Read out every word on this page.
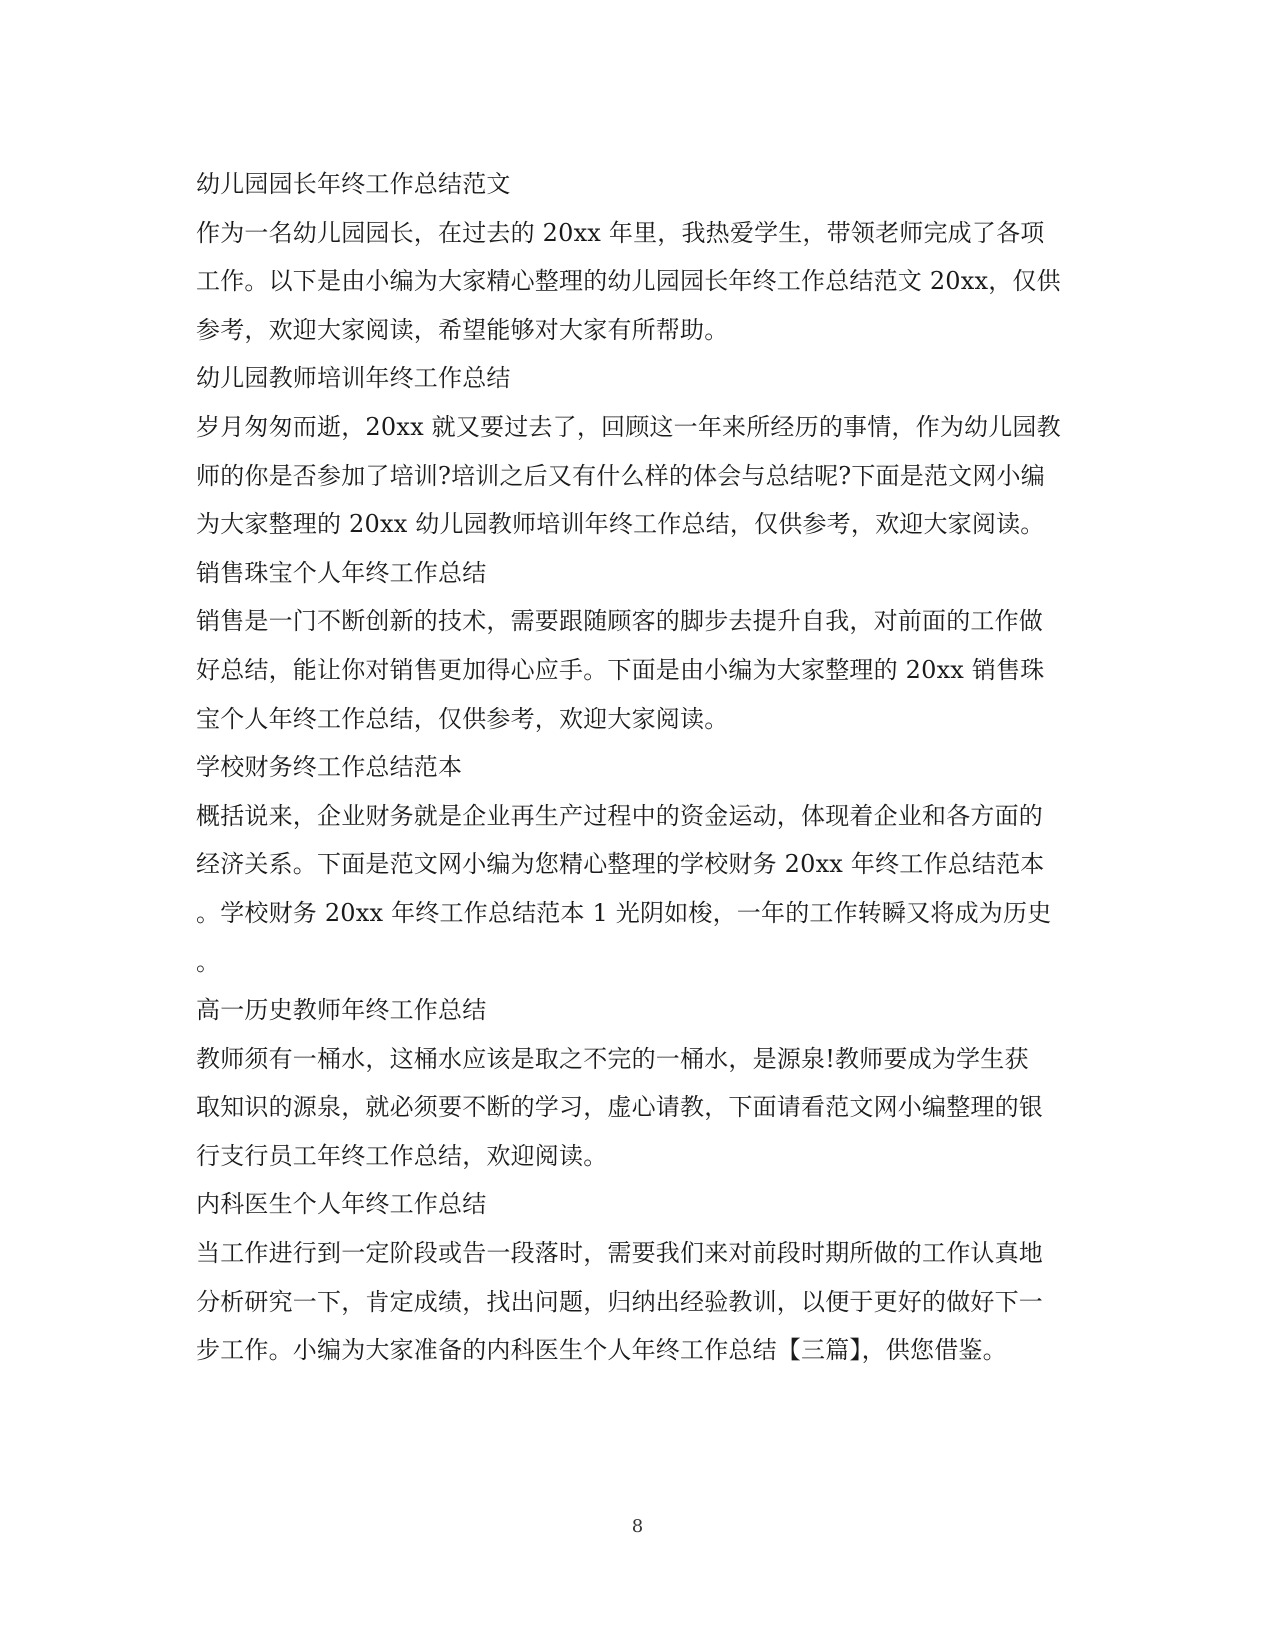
幼儿园园长年终工作总结范文
作为一名幼儿园园长，在过去的 20xx 年里，我热爱学生，带领老师完成了各项
工作。以下是由小编为大家精心整理的幼儿园园长年终工作总结范文 20xx，仅供
参考，欢迎大家阅读，希望能够对大家有所帮助。
幼儿园教师培训年终工作总结
岁月匆匆而逝，20xx 就又要过去了，回顾这一年来所经历的事情，作为幼儿园教
师的你是否参加了培训?培训之后又有什么样的体会与总结呢?下面是范文网小编
为大家整理的 20xx 幼儿园教师培训年终工作总结，仅供参考，欢迎大家阅读。
销售珠宝个人年终工作总结
销售是一门不断创新的技术，需要跟随顾客的脚步去提升自我，对前面的工作做
好总结，能让你对销售更加得心应手。下面是由小编为大家整理的 20xx 销售珠
宝个人年终工作总结，仅供参考，欢迎大家阅读。
学校财务终工作总结范本
概括说来，企业财务就是企业再生产过程中的资金运动，体现着企业和各方面的
经济关系。下面是范文网小编为您精心整理的学校财务 20xx 年终工作总结范本
。学校财务 20xx 年终工作总结范本 1 光阴如梭，一年的工作转瞬又将成为历史
。
高一历史教师年终工作总结
教师须有一桶水，这桶水应该是取之不完的一桶水，是源泉!教师要成为学生获
取知识的源泉，就必须要不断的学习，虚心请教，下面请看范文网小编整理的银
行支行员工年终工作总结，欢迎阅读。
内科医生个人年终工作总结
当工作进行到一定阶段或告一段落时，需要我们来对前段时期所做的工作认真地
分析研究一下，肯定成绩，找出问题，归纳出经验教训，以便于更好的做好下一
步工作。小编为大家准备的内科医生个人年终工作总结【三篇】，供您借鉴。
8
